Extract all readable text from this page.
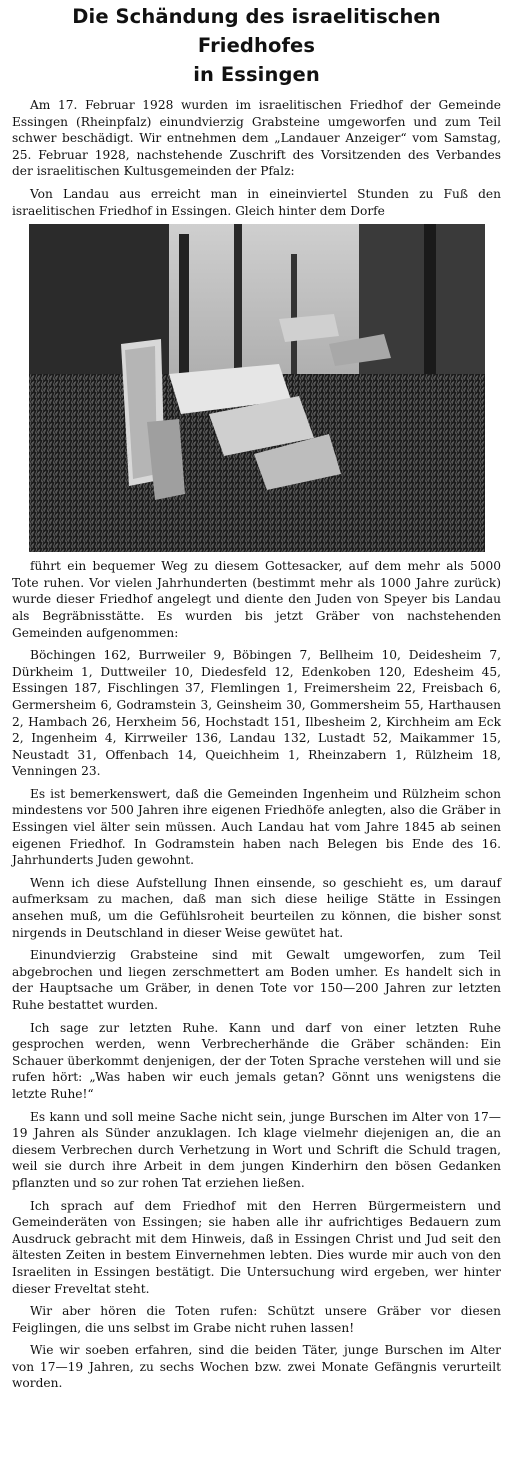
Die Schändung des israelitischen Friedhofes
in Essingen

Am 17. Februar 1928 wurden im israelitischen Friedhof der Gemeinde Essingen (Rheinpfalz) einundvierzig Grabsteine umgeworfen und zum Teil schwer beschädigt. Wir entnehmen dem „Landauer Anzeiger“ vom Samstag, 25. Februar 1928, nachstehende Zuschrift des Vorsitzenden des Verbandes der israelitischen Kultusgemeinden der Pfalz:

Von Landau aus erreicht man in eineinviertel Stunden zu Fuß den israelitischen Friedhof in Essingen. Gleich hinter dem Dorfe

führt ein bequemer Weg zu diesem Gottesacker, auf dem mehr als 5000 Tote ruhen. Vor vielen Jahrhunderten (bestimmt mehr als 1000 Jahre zurück) wurde dieser Friedhof angelegt und diente den Juden von Speyer bis Landau als Begräbnisstätte. Es wurden bis jetzt Gräber von nachstehenden Gemeinden aufgenommen:

Böchingen 162, Burrweiler 9, Böbingen 7, Bellheim 10, Deidesheim 7, Dürkheim 1, Duttweiler 10, Diedesfeld 12, Edenkoben 120, Edesheim 45, Essingen 187, Fischlingen 37, Flemlingen 1, Freimersheim 22, Freisbach 6, Germersheim 6, Godramstein 3, Geinsheim 30, Gommersheim 55, Harthausen 2, Hambach 26, Herxheim 56, Hochstadt 151, Ilbesheim 2, Kirchheim am Eck 2, Ingenheim 4, Kirrweiler 136, Landau 132, Lustadt 52, Maikammer 15, Neustadt 31, Offenbach 14, Queichheim 1, Rheinzabern 1, Rülzheim 18, Venningen 23.

Es ist bemerkenswert, daß die Gemeinden Ingenheim und Rülzheim schon mindestens vor 500 Jahren ihre eigenen Friedhöfe anlegten, also die Gräber in Essingen viel älter sein müssen. Auch Landau hat vom Jahre 1845 ab seinen eigenen Friedhof. In Godramstein haben nach Belegen bis Ende des 16. Jahrhunderts Juden gewohnt.

Wenn ich diese Aufstellung Ihnen einsende, so geschieht es, um darauf aufmerksam zu machen, daß man sich diese heilige Stätte in Essingen ansehen muß, um die Gefühlsroheit beurteilen zu können, die bisher sonst nirgends in Deutschland in dieser Weise gewütet hat.

Einundvierzig Grabsteine sind mit Gewalt umgeworfen, zum Teil abgebrochen und liegen zerschmettert am Boden umher. Es handelt sich in der Hauptsache um Gräber, in denen Tote vor 150—200 Jahren zur letzten Ruhe bestattet wurden.

Ich sage zur letzten Ruhe. Kann und darf von einer letzten Ruhe gesprochen werden, wenn Verbrecherhände die Gräber schänden: Ein Schauer überkommt denjenigen, der der Toten Sprache verstehen will und sie rufen hört: „Was haben wir euch jemals getan? Gönnt uns wenigstens die letzte Ruhe!“

Es kann und soll meine Sache nicht sein, junge Burschen im Alter von 17—19 Jahren als Sünder anzuklagen. Ich klage vielmehr diejenigen an, die an diesem Verbrechen durch Verhetzung in Wort und Schrift die Schuld tragen, weil sie durch ihre Arbeit in dem jungen Kinderhirn den bösen Gedanken pflanzten und so zur rohen Tat erziehen ließen.

Ich sprach auf dem Friedhof mit den Herren Bürgermeistern und Gemeinderäten von Essingen; sie haben alle ihr aufrichtiges Bedauern zum Ausdruck gebracht mit dem Hinweis, daß in Essingen Christ und Jud seit den ältesten Zeiten in bestem Einvernehmen lebten. Dies wurde mir auch von den Israeliten in Essingen bestätigt. Die Untersuchung wird ergeben, wer hinter dieser Freveltat steht.

Wir aber hören die Toten rufen: Schützt unsere Gräber vor diesen Feiglingen, die uns selbst im Grabe nicht ruhen lassen!

Wie wir soeben erfahren, sind die beiden Täter, junge Burschen im Alter von 17—19 Jahren, zu sechs Wochen bzw. zwei Monate Gefängnis verurteilt worden.
